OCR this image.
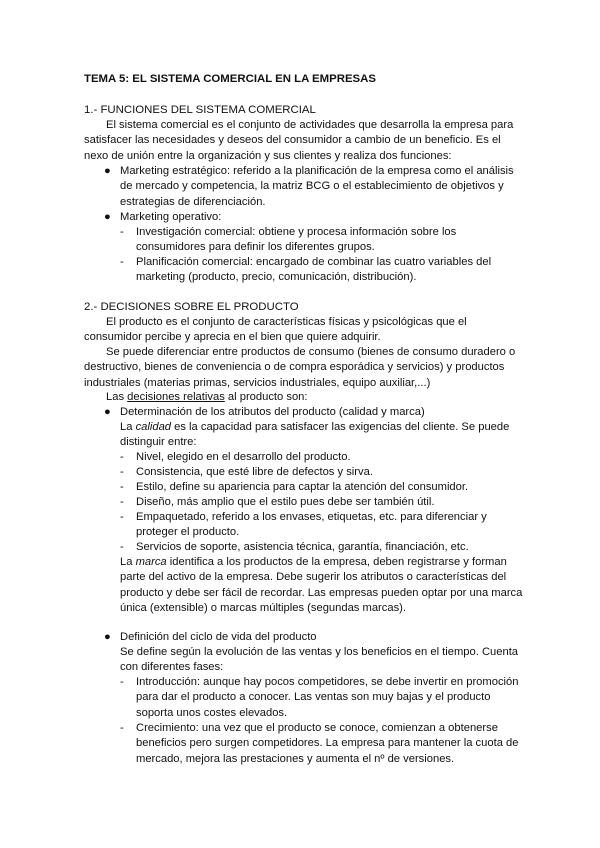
TEMA 5: EL SISTEMA COMERCIAL EN LA EMPRESAS
1.- FUNCIONES DEL SISTEMA COMERCIAL
El sistema comercial es el conjunto de actividades que desarrolla la empresa para satisfacer las necesidades y deseos del consumidor a cambio de un beneficio. Es el nexo de unión entre la organización y sus clientes y realiza dos funciones:
● Marketing estratégico: referido a la planificación de la empresa como el análisis de mercado y competencia, la matriz BCG o el establecimiento de objetivos y estrategias de diferenciación.
● Marketing operativo:
- Investigación comercial: obtiene y procesa información sobre los consumidores para definir los diferentes grupos.
- Planificación comercial: encargado de combinar las cuatro variables del marketing (producto, precio, comunicación, distribución).
2.- DECISIONES SOBRE EL PRODUCTO
El producto es el conjunto de características físicas y psicológicas que el consumidor percibe y aprecia en el bien que quiere adquirir.
Se puede diferenciar entre productos de consumo (bienes de consumo duradero o destructivo, bienes de conveniencia o de compra esporádica y servicios) y productos industriales (materias primas, servicios industriales, equipo auxiliar,...)
Las decisiones relativas al producto son:
● Determinación de los atributos del producto (calidad y marca)
La calidad es la capacidad para satisfacer las exigencias del cliente. Se puede distinguir entre:
- Nivel, elegido en el desarrollo del producto.
- Consistencia, que esté libre de defectos y sirva.
- Estilo, define su apariencia para captar la atención del consumidor.
- Diseño, más amplio que el estilo pues debe ser también útil.
- Empaquetado, referido a los envases, etiquetas, etc. para diferenciar y proteger el producto.
- Servicios de soporte, asistencia técnica, garantía, financiación, etc.
La marca identifica a los productos de la empresa, deben registrarse y forman parte del activo de la empresa. Debe sugerir los atributos o características del producto y debe ser fácil de recordar. Las empresas pueden optar por una marca única (extensible) o marcas múltiples (segundas marcas).
● Definición del ciclo de vida del producto
Se define según la evolución de las ventas y los beneficios en el tiempo. Cuenta con diferentes fases:
- Introducción: aunque hay pocos competidores, se debe invertir en promoción para dar el producto a conocer. Las ventas son muy bajas y el producto soporta unos costes elevados.
- Crecimiento: una vez que el producto se conoce, comienzan a obtenerse beneficios pero surgen competidores. La empresa para mantener la cuota de mercado, mejora las prestaciones y aumenta el nº de versiones.
